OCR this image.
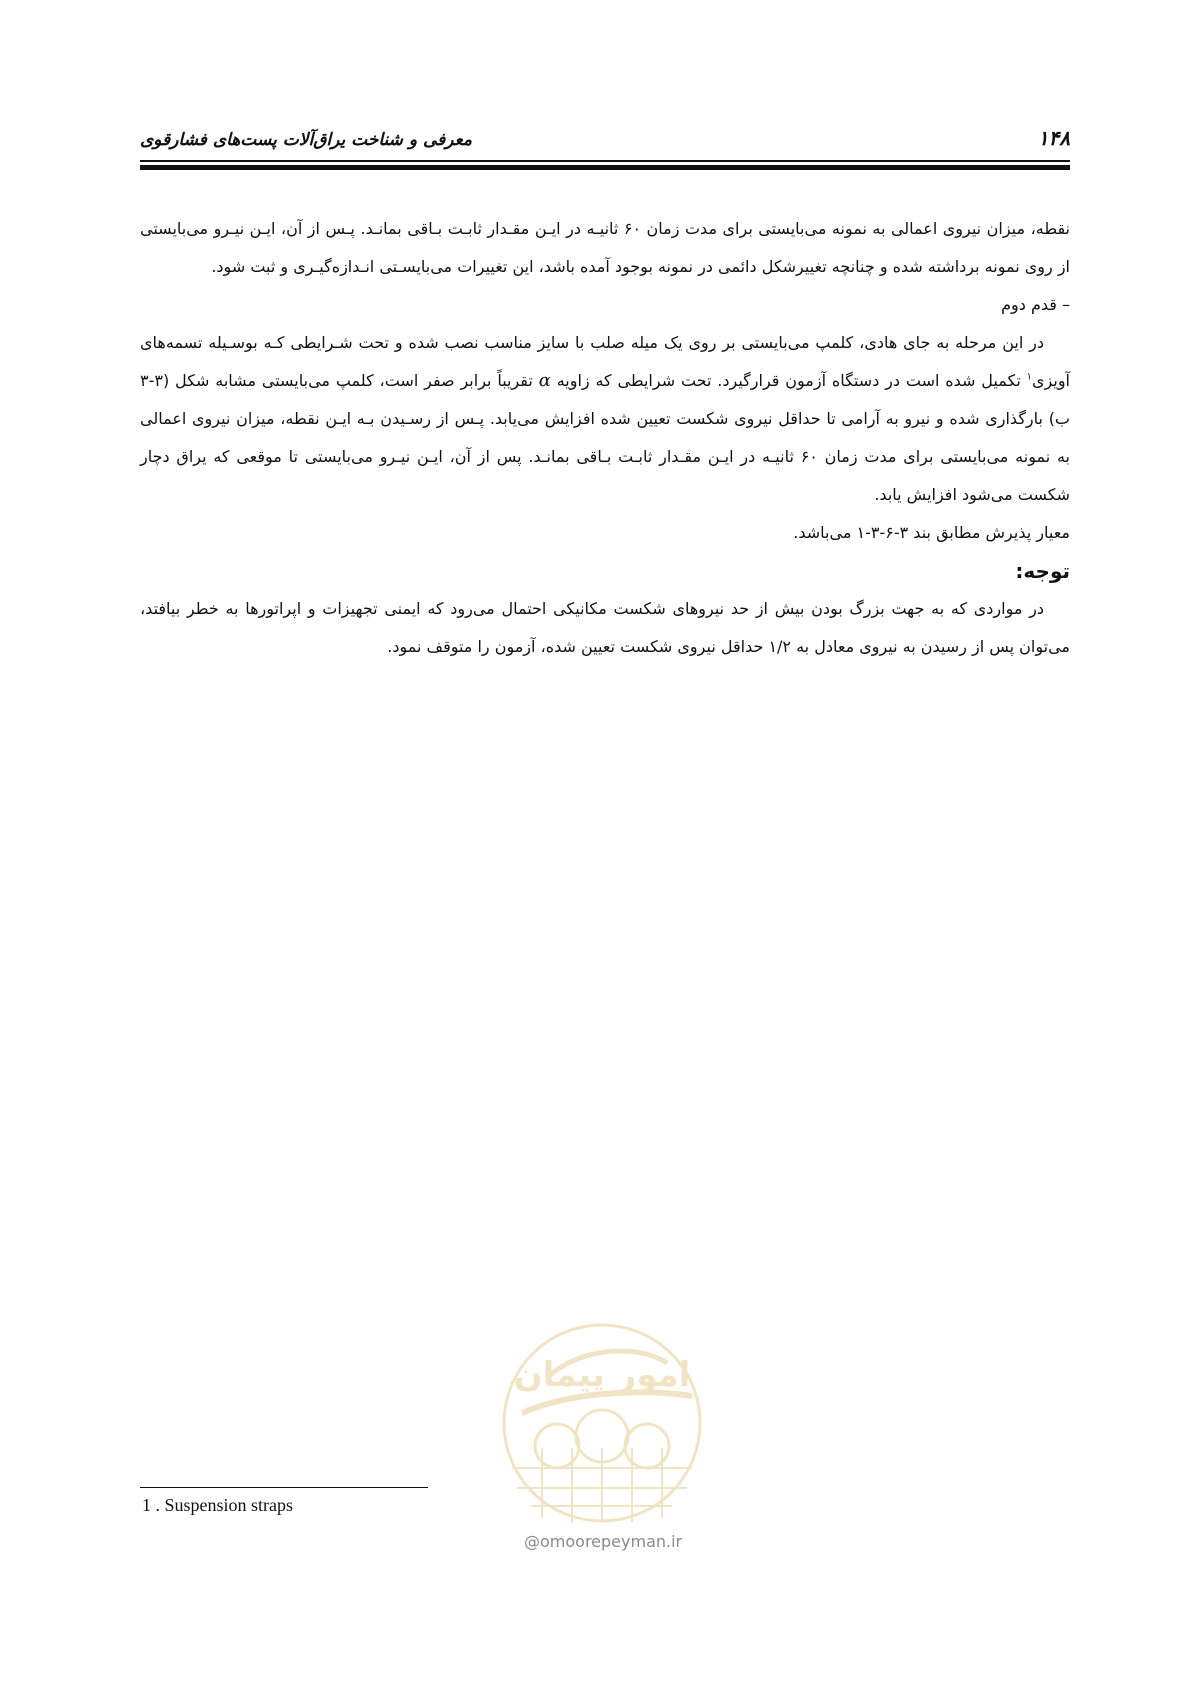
۱۴۸
معرفی و شناخت یراق‌آلات پست‌های فشارقوی

نقطه، میزان نیروی اعمالی به نمونه می‌بایستی برای مدت زمان ۶۰ ثانیـه در ایـن مقـدار ثابـت بـاقی بمانـد. پـس از آن، ایـن نیـرو می‌بایستی از روی نمونه برداشته شده و چنانچه تغییرشکل دائمی در نمونه بوجود آمده باشد، این تغییرات می‌بایسـتی انـدازه‌گیـری و ثبت شود.

– قدم دوم

در این مرحله به جای هادی، کلمپ می‌بایستی بر روی یک میله صلب با سایز مناسب نصب شده و تحت شـرایطی کـه بوسـیله تسمه‌های آویزی$^۱$ تکمیل شده است در دستگاه آزمون قرارگیرد. تحت شرایطی که زاویه α تقریباً برابر صفر است، کلمپ می‌بایستی مشابه شکل (۳-۳ ب) بارگذاری شده و نیرو به آرامی تا حداقل نیروی شکست تعیین شده افزایش می‌یابد. پـس از رسـیدن بـه ایـن نقطه، میزان نیروی اعمالی به نمونه می‌بایستی برای مدت زمان ۶۰ ثانیـه در ایـن مقـدار ثابـت بـاقی بمانـد. پس از آن، ایـن نیـرو می‌بایستی تا موقعی که یراق دچار شکست می‌شود افزایش یابد.

معیار پذیرش مطابق بند ۳-۶-۳-۱ می‌باشد.

توجه:

در مواردی که به جهت بزرگ بودن بیش از حد نیروهای شکست مکانیکی احتمال می‌رود که ایمنی تجهیزات و اپراتورها به خطر بیافتد، می‌توان پس از رسیدن به نیروی معادل به ۱/۲ حداقل نیروی شکست تعیین شده، آزمون را متوقف نمود.

امور پیمان
@omoorepeyman.ir
1 . Suspension straps
